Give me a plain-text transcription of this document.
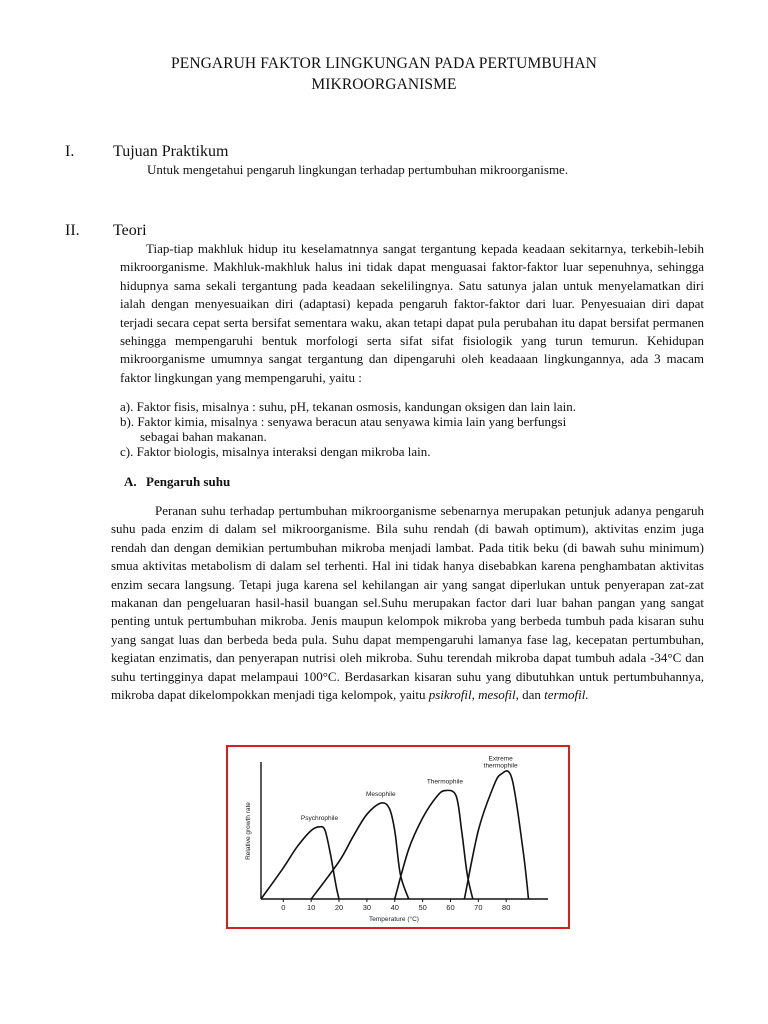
PENGARUH FAKTOR LINGKUNGAN PADA PERTUMBUHAN
MIKROORGANISME
I. Tujuan Praktikum
Untuk mengetahui pengaruh lingkungan terhadap pertumbuhan mikroorganisme.
II. Teori
Tiap-tiap makhluk hidup itu keselamatnnya sangat tergantung kepada keadaan sekitarnya, terkebih-lebih mikroorganisme. Makhluk-makhluk halus ini tidak dapat menguasai faktor-faktor luar sepenuhnya, sehingga hidupnya sama sekali tergantung pada keadaan sekelilingnya. Satu satunya jalan untuk menyelamatkan diri ialah dengan menyesuaikan diri (adaptasi) kepada pengaruh faktor-faktor dari luar. Penyesuaian diri dapat terjadi secara cepat serta bersifat sementara waku, akan tetapi dapat pula perubahan itu dapat bersifat permanen sehingga mempengaruhi bentuk morfologi serta sifat sifat fisiologik yang turun temurun. Kehidupan mikroorganisme umumnya sangat tergantung dan dipengaruhi oleh keadaaan lingkungannya, ada 3 macam faktor lingkungan yang mempengaruhi, yaitu :
a). Faktor fisis, misalnya : suhu, pH, tekanan osmosis, kandungan oksigen dan lain lain.
b). Faktor kimia, misalnya : senyawa beracun atau senyawa kimia lain yang berfungsi
sebagai bahan makanan.
c). Faktor biologis, misalnya interaksi dengan mikroba lain.
A. Pengaruh suhu
Peranan suhu terhadap pertumbuhan mikroorganisme sebenarnya merupakan petunjuk adanya pengaruh suhu pada enzim di dalam sel mikroorganisme. Bila suhu rendah (di bawah optimum), aktivitas enzim juga rendah dan dengan demikian pertumbuhan mikroba menjadi lambat. Pada titik beku (di bawah suhu minimum) smua aktivitas metabolism di dalam sel terhenti. Hal ini tidak hanya disebabkan karena penghambatan aktivitas enzim secara langsung. Tetapi juga karena sel kehilangan air yang sangat diperlukan untuk penyerapan zat-zat makanan dan pengeluaran hasil-hasil buangan sel.Suhu merupakan factor dari luar bahan pangan yang sangat penting untuk pertumbuhan mikroba. Jenis maupun kelompok mikroba yang berbeda tumbuh pada kisaran suhu yang sangat luas dan berbeda beda pula. Suhu dapat mempengaruhi lamanya fase lag, kecepatan pertumbuhan, kegiatan enzimatis, dan penyerapan nutrisi oleh mikroba. Suhu terendah mikroba dapat tumbuh adala -34°C dan suhu tertingginya dapat melampaui 100°C. Berdasarkan kisaran suhu yang dibutuhkan untuk pertumbuhannya, mikroba dapat dikelompokkan menjadi tiga kelompok, yaitu psikrofil, mesofil, dan termofil.
0	10	20	30	40	50	60	70	80
Psychrophile
Mesophile
Thermophile
Extreme thermophile
Temperature (°C)
Relative growth rate
